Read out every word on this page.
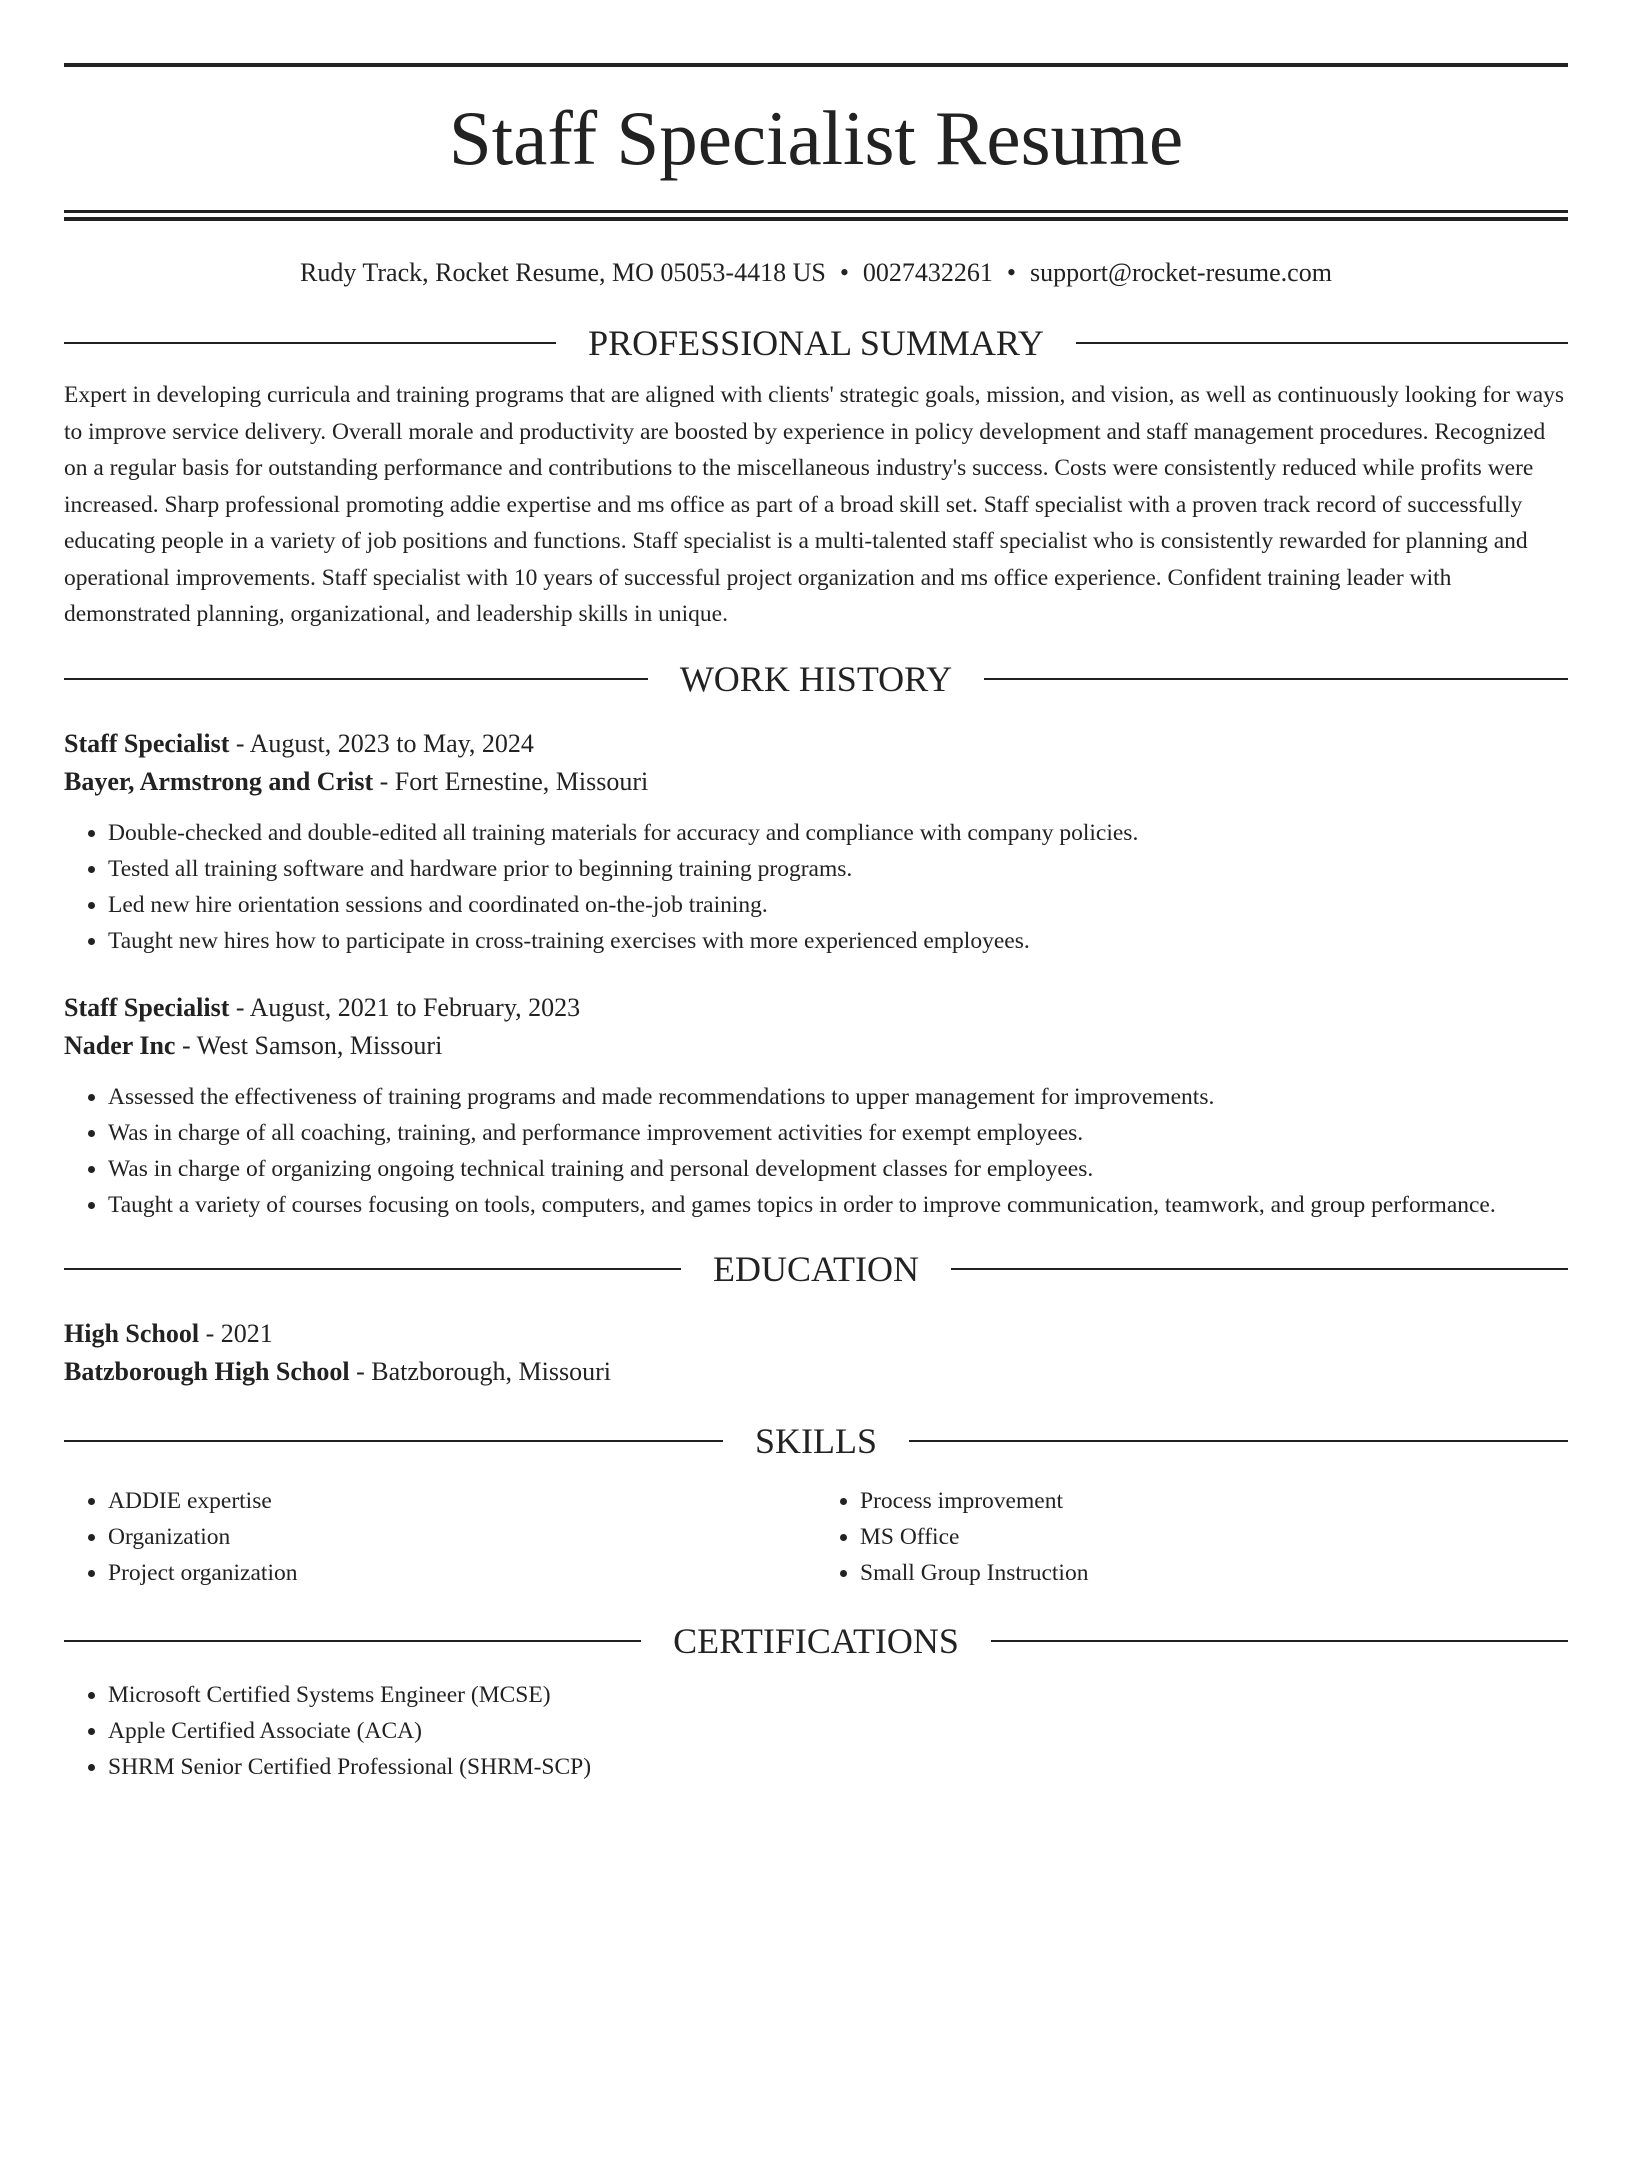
Staff Specialist Resume
Rudy Track, Rocket Resume, MO 05053-4418 US • 0027432261 • support@rocket-resume.com
PROFESSIONAL SUMMARY

Expert in developing curricula and training programs that are aligned with clients' strategic goals, mission, and vision, as well as continuously looking for ways to improve service delivery. Overall morale and productivity are boosted by experience in policy development and staff management procedures. Recognized on a regular basis for outstanding performance and contributions to the miscellaneous industry's success. Costs were consistently reduced while profits were increased. Sharp professional promoting addie expertise and ms office as part of a broad skill set. Staff specialist with a proven track record of successfully educating people in a variety of job positions and functions. Staff specialist is a multi-talented staff specialist who is consistently rewarded for planning and operational improvements. Staff specialist with 10 years of successful project organization and ms office experience. Confident training leader with demonstrated planning, organizational, and leadership skills in unique.

WORK HISTORY
Staff Specialist - August, 2023 to May, 2024
Bayer, Armstrong and Crist - Fort Ernestine, Missouri
• Double-checked and double-edited all training materials for accuracy and compliance with company policies.
• Tested all training software and hardware prior to beginning training programs.
• Led new hire orientation sessions and coordinated on-the-job training.
• Taught new hires how to participate in cross-training exercises with more experienced employees.
Staff Specialist - August, 2021 to February, 2023
Nader Inc - West Samson, Missouri
• Assessed the effectiveness of training programs and made recommendations to upper management for improvements.
• Was in charge of all coaching, training, and performance improvement activities for exempt employees.
• Was in charge of organizing ongoing technical training and personal development classes for employees.
• Taught a variety of courses focusing on tools, computers, and games topics in order to improve communication, teamwork, and group performance.
EDUCATION
High School - 2021
Batzborough High School - Batzborough, Missouri
SKILLS
• ADDIE expertise
• Organization
• Project organization
• Process improvement
• MS Office
• Small Group Instruction
CERTIFICATIONS
• Microsoft Certified Systems Engineer (MCSE)
• Apple Certified Associate (ACA)
• SHRM Senior Certified Professional (SHRM-SCP)
